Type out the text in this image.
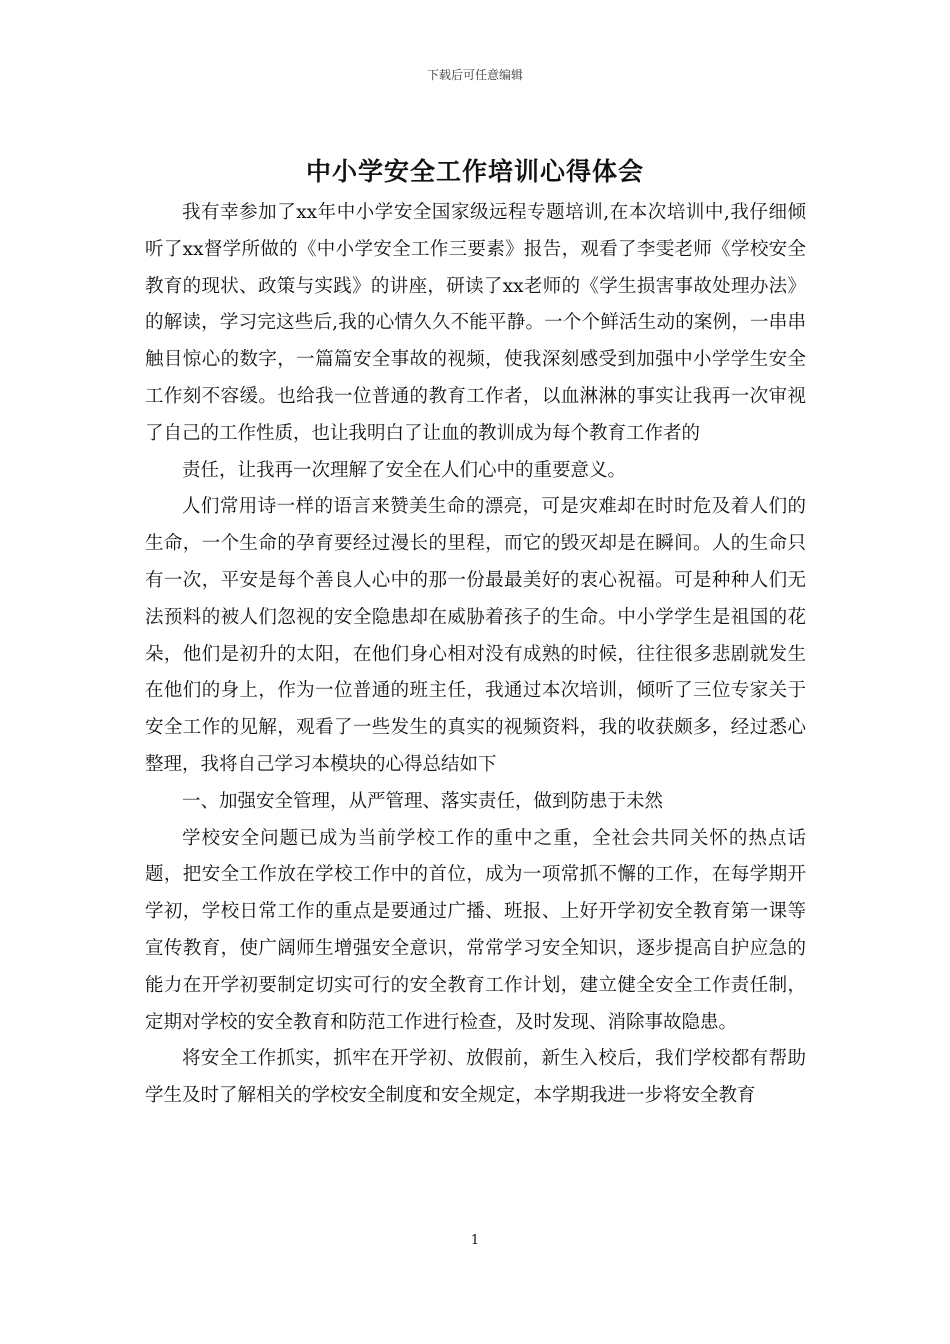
下载后可任意编辑
中小学安全工作培训心得体会

我有幸参加了xx年中小学安全国家级远程专题培训,在本次培训中,我仔细倾听了xx督学所做的《中小学安全工作三要素》报告，观看了李雯老师《学校安全教育的现状、政策与实践》的讲座，研读了xx老师的《学生损害事故处理办法》的解读，学习完这些后,我的心情久久不能平静。一个个鲜活生动的案例，一串串触目惊心的数字，一篇篇安全事故的视频，使我深刻感受到加强中小学学生安全工作刻不容缓。也给我一位普通的教育工作者，以血淋淋的事实让我再一次审视了自己的工作性质，也让我明白了让血的教训成为每个教育工作者的

责任，让我再一次理解了安全在人们心中的重要意义。

人们常用诗一样的语言来赞美生命的漂亮，可是灾难却在时时危及着人们的生命，一个生命的孕育要经过漫长的里程，而它的毁灭却是在瞬间。人的生命只有一次，平安是每个善良人心中的那一份最最美好的衷心祝福。可是种种人们无法预料的被人们忽视的安全隐患却在威胁着孩子的生命。中小学学生是祖国的花朵，他们是初升的太阳，在他们身心相对没有成熟的时候，往往很多悲剧就发生在他们的身上，作为一位普通的班主任，我通过本次培训，倾听了三位专家关于安全工作的见解，观看了一些发生的真实的视频资料，我的收获颇多，经过悉心整理，我将自己学习本模块的心得总结如下

一、加强安全管理，从严管理、落实责任，做到防患于未然

学校安全问题已成为当前学校工作的重中之重，全社会共同关怀的热点话题，把安全工作放在学校工作中的首位，成为一项常抓不懈的工作，在每学期开学初，学校日常工作的重点是要通过广播、班报、上好开学初安全教育第一课等宣传教育，使广阔师生增强安全意识，常常学习安全知识，逐步提高自护应急的能力在开学初要制定切实可行的安全教育工作计划，建立健全安全工作责任制，定期对学校的安全教育和防范工作进行检查，及时发现、消除事故隐患。

将安全工作抓实，抓牢在开学初、放假前，新生入校后，我们学校都有帮助学生及时了解相关的学校安全制度和安全规定，本学期我进一步将安全教育

1
